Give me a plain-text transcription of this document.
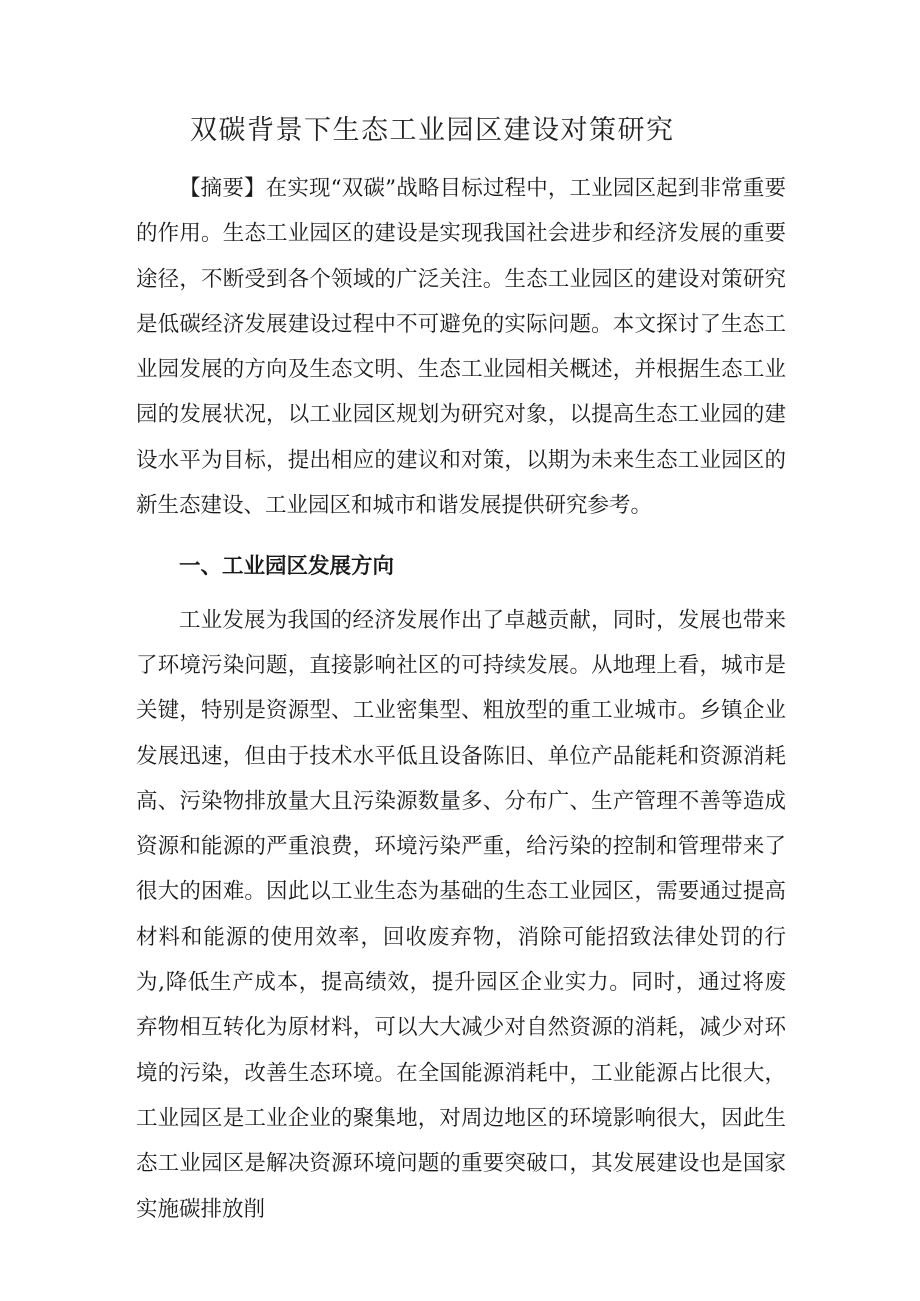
双碳背景下生态工业园区建设对策研究

【摘要】在实现“双碳”战略目标过程中，工业园区起到非常重要的作用。生态工业园区的建设是实现我国社会进步和经济发展的重要途径，不断受到各个领域的广泛关注。生态工业园区的建设对策研究是低碳经济发展建设过程中不可避免的实际问题。本文探讨了生态工业园发展的方向及生态文明、生态工业园相关概述，并根据生态工业园的发展状况，以工业园区规划为研究对象，以提高生态工业园的建设水平为目标，提出相应的建议和对策，以期为未来生态工业园区的新生态建设、工业园区和城市和谐发展提供研究参考。

一、工业园区发展方向

工业发展为我国的经济发展作出了卓越贡献，同时，发展也带来了环境污染问题，直接影响社区的可持续发展。从地理上看，城市是关键，特别是资源型、工业密集型、粗放型的重工业城市。乡镇企业发展迅速，但由于技术水平低且设备陈旧、单位产品能耗和资源消耗高、污染物排放量大且污染源数量多、分布广、生产管理不善等造成资源和能源的严重浪费，环境污染严重，给污染的控制和管理带来了很大的困难。因此以工业生态为基础的生态工业园区，需要通过提高材料和能源的使用效率，回收废弃物，消除可能招致法律处罚的行为,降低生产成本，提高绩效，提升园区企业实力。同时，通过将废弃物相互转化为原材料，可以大大减少对自然资源的消耗，减少对环境的污染，改善生态环境。在全国能源消耗中，工业能源占比很大，工业园区是工业企业的聚集地，对周边地区的环境影响很大，因此生态工业园区是解决资源环境问题的重要突破口，其发展建设也是国家实施碳排放削
